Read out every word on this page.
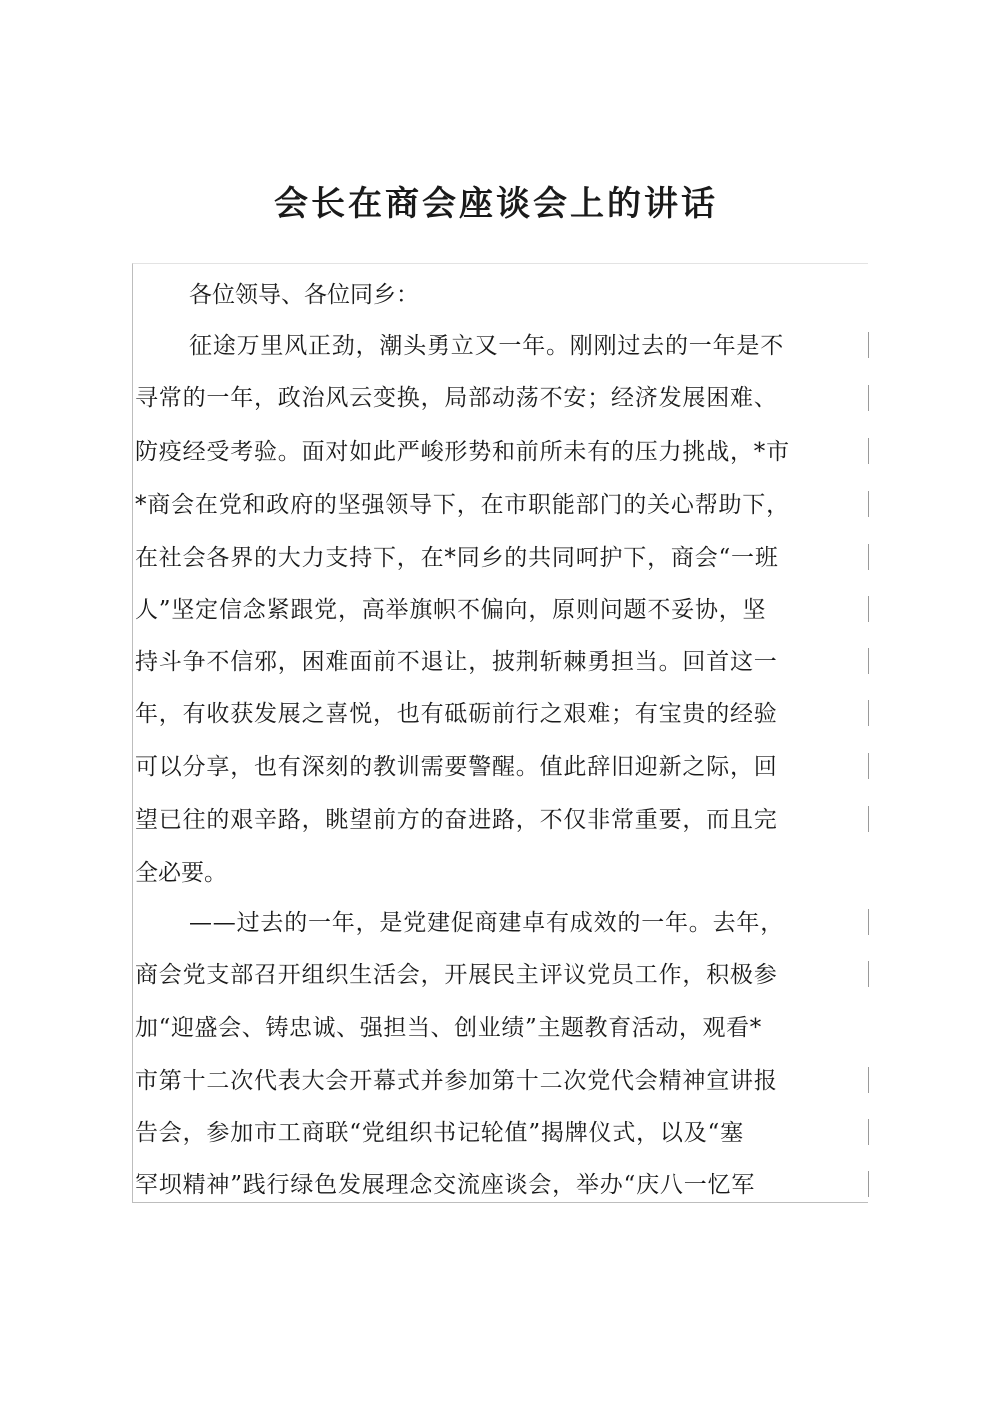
会长在商会座谈会上的讲话

各位领导、各位同乡：

征途万里风正劲，潮头勇立又一年。刚刚过去的一年是不

寻常的一年，政治风云变换，局部动荡不安；经济发展困难、

防疫经受考验。面对如此严峻形势和前所未有的压力挑战，*市

*商会在党和政府的坚强领导下，在市职能部门的关心帮助下，

在社会各界的大力支持下，在*同乡的共同呵护下，商会“一班

人”坚定信念紧跟党，高举旗帜不偏向，原则问题不妥协，坚

持斗争不信邪，困难面前不退让，披荆斩棘勇担当。回首这一

年，有收获发展之喜悦，也有砥砺前行之艰难；有宝贵的经验

可以分享，也有深刻的教训需要警醒。值此辞旧迎新之际，回

望已往的艰辛路，眺望前方的奋进路，不仅非常重要，而且完

全必要。

——过去的一年，是党建促商建卓有成效的一年。去年，

商会党支部召开组织生活会，开展民主评议党员工作，积极参

加“迎盛会、铸忠诚、强担当、创业绩”主题教育活动，观看*

市第十二次代表大会开幕式并参加第十二次党代会精神宣讲报

告会，参加市工商联“党组织书记轮值”揭牌仪式，以及“塞

罕坝精神”践行绿色发展理念交流座谈会，举办“庆八一忆军
